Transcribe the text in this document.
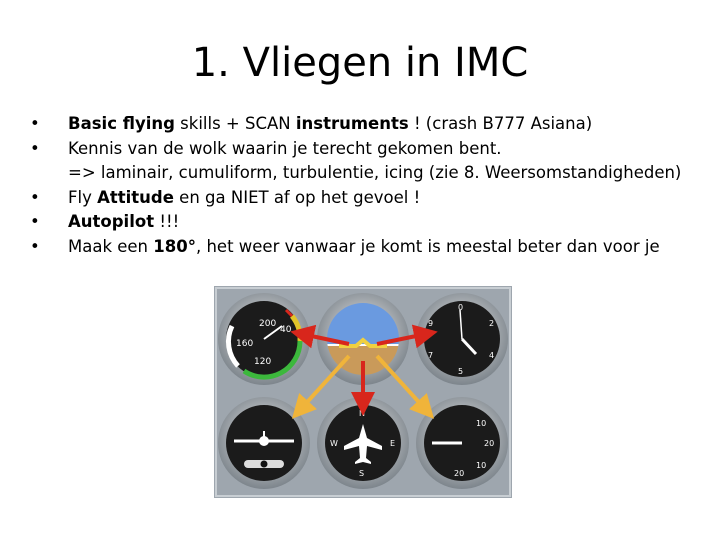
1. Vliegen in IMC
• Basic flying skills + SCAN instruments ! (crash B777 Asiana)
• Kennis van de wolk waarin je terecht gekomen bent.
=> laminair, cumuliform, turbulentie, icing (zie 8. Weersomstandigheden)
• Fly Attitude en ga NIET af op het gevoel !
• Autopilot !!!
• Maak een 180°, het weer vanwaar je komt is meestal beter dan voor je
200
40
160
120
0
2
4
5
7
9
N
E
S
W
10
20
10
20
